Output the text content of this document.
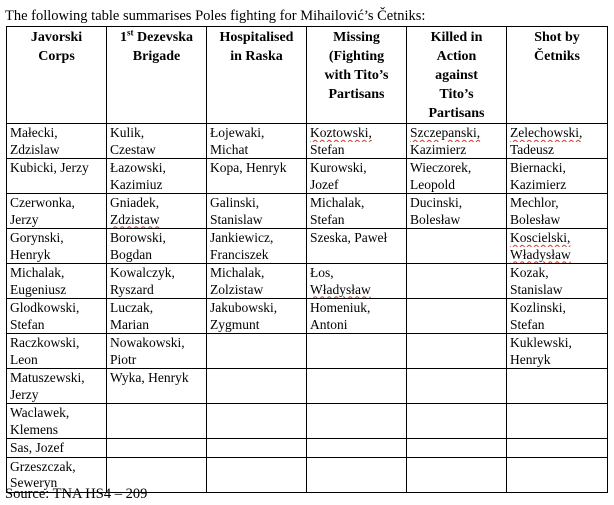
The following table summarises Poles fighting for Mihailović’s Četniks:
Javorski
Corps	1st Dezevska
Brigade	Hospitalised
in Raska	Missing
(Fighting
with Tito’s
Partisans	Killed in
Action
against
Tito’s
Partisans	Shot by
Četniks

Małecki,
Zdzislaw	Kulik,
Czestaw	Łojewaki,
Michat	Koztowski,
Stefan	Szczepanski,
Kazimierz	Zelechowski,
Tadeusz

Kubicki, Jerzy	Łazowski,
Kazimiuz	Kopa, Henryk	Kurowski,
Jozef	Wieczorek,
Leopold	Biernacki,
Kazimierz

Czerwonka,
Jerzy	Gniadek,
Zdzistaw	Galinski,
Stanislaw	Michalak,
Stefan	Ducinski,
Bolesław	Mechlor,
Bolesław

Gorynski,
Henryk	Borowski,
Bogdan	Jankiewicz,
Franciszek	Szeska, Paweł		Koscielski,
Władysław

Michalak,
Eugeniusz	Kowalczyk,
Ryszard	Michalak,
Zolzistaw	Łos,
Władysław		Kozak,
Stanislaw

Glodkowski,
Stefan	Luczak,
Marian	Jakubowski,
Zygmunt	Homeniuk,
Antoni		Kozlinski,
Stefan

Raczkowski,
Leon	Nowakowski,
Piotr				Kuklewski,
Henryk

Matuszewski,
Jerzy	Wyka, Henryk				

Waclawek,
Klemens					

Sas, Jozef					

Grzeszczak,
Seweryn					

Source: TNA HS4 – 209
